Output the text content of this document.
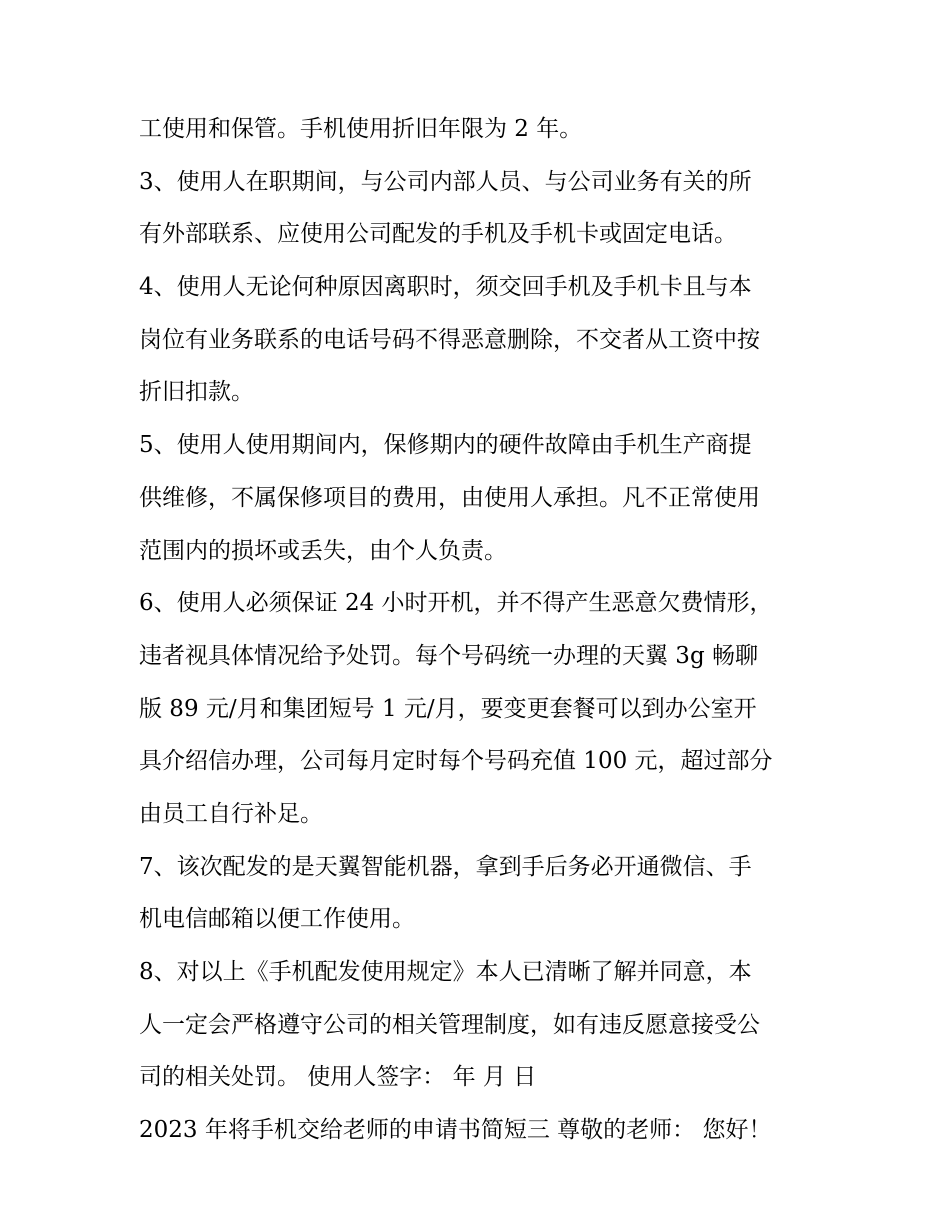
工使用和保管。手机使用折旧年限为 2 年。
3、使用人在职期间，与公司内部人员、与公司业务有关的所
有外部联系、应使用公司配发的手机及手机卡或固定电话。
4、使用人无论何种原因离职时，须交回手机及手机卡且与本
岗位有业务联系的电话号码不得恶意删除，不交者从工资中按
折旧扣款。
5、使用人使用期间内，保修期内的硬件故障由手机生产商提
供维修，不属保修项目的费用，由使用人承担。凡不正常使用
范围内的损坏或丢失，由个人负责。
6、使用人必须保证 24 小时开机，并不得产生恶意欠费情形，
违者视具体情况给予处罚。每个号码统一办理的天翼 3g 畅聊
版 89 元/月和集团短号 1 元/月，要变更套餐可以到办公室开
具介绍信办理，公司每月定时每个号码充值 100 元，超过部分
由员工自行补足。
7、该次配发的是天翼智能机器，拿到手后务必开通微信、手
机电信邮箱以便工作使用。
8、对以上《手机配发使用规定》本人已清晰了解并同意，本
人一定会严格遵守公司的相关管理制度，如有违反愿意接受公
司的相关处罚。 使用人签字： 年 月 日
2023 年将手机交给老师的申请书简短三 尊敬的老师： 您好！
